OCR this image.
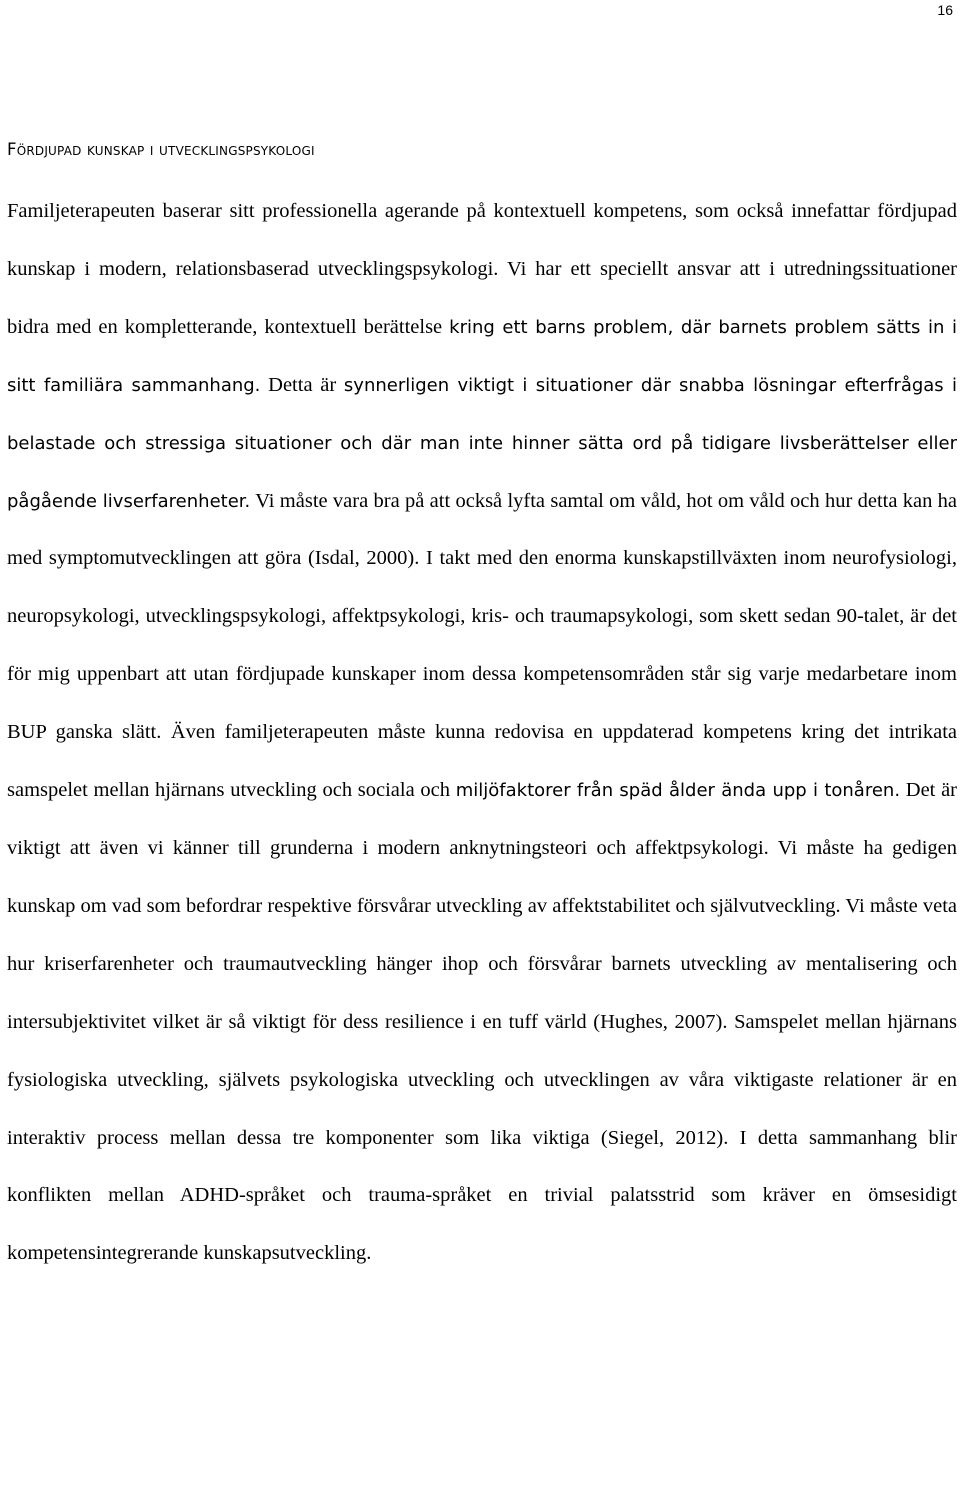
16
Fördjupad kunskap i utvecklingspsykologi

Familjeterapeuten baserar sitt professionella agerande på kontextuell kompetens, som också innefattar fördjupad kunskap i modern, relationsbaserad utvecklingspsykologi. Vi har ett speciellt ansvar att i utredningssituationer bidra med en kompletterande, kontextuell berättelse kring ett barns problem, där barnets problem sätts in i sitt familiära sammanhang. Detta är synnerligen viktigt i situationer där snabba lösningar efterfrågas i belastade och stressiga situationer och där man inte hinner sätta ord på tidigare livsberättelser eller pågående livserfarenheter. Vi måste vara bra på att också lyfta samtal om våld, hot om våld och hur detta kan ha med symptomutvecklingen att göra (Isdal, 2000). I takt med den enorma kunskapstillväxten inom neurofysiologi, neuropsykologi, utvecklingspsykologi, affektpsykologi, kris- och traumapsykologi, som skett sedan 90-talet, är det för mig uppenbart att utan fördjupade kunskaper inom dessa kompetensområden står sig varje medarbetare inom BUP ganska slätt. Även familjeterapeuten måste kunna redovisa en uppdaterad kompetens kring det intrikata samspelet mellan hjärnans utveckling och sociala och miljöfaktorer från späd ålder ända upp i tonåren. Det är viktigt att även vi känner till grunderna i modern anknytningsteori och affektpsykologi. Vi måste ha gedigen kunskap om vad som befordrar respektive försvårar utveckling av affektstabilitet och självutveckling. Vi måste veta hur kriserfarenheter och traumautveckling hänger ihop och försvårar barnets utveckling av mentalisering och intersubjektivitet vilket är så viktigt för dess resilience i en tuff värld (Hughes, 2007). Samspelet mellan hjärnans fysiologiska utveckling, självets psykologiska utveckling och utvecklingen av våra viktigaste relationer är en interaktiv process mellan dessa tre komponenter som lika viktiga (Siegel, 2012). I detta sammanhang blir konflikten mellan ADHD-språket och trauma-språket en trivial palatsstrid som kräver en ömsesidigt kompetensintegrerande kunskapsutveckling.
